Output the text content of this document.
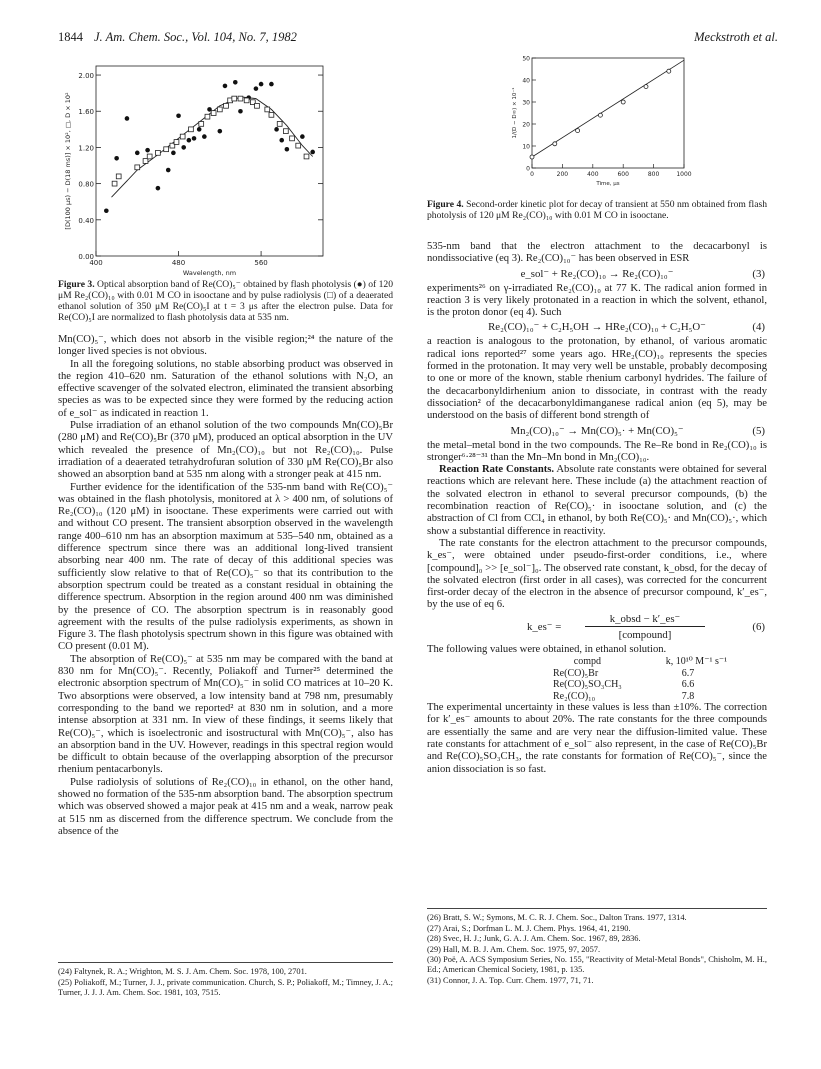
1844 J. Am. Chem. Soc., Vol. 104, No. 7, 1982	Meckstroth et al.
0.00
0.40
0.80
1.20
1.60
2.00
400	480	560
Wavelength, nm
[D(100 μs) − D(18 ms)] × 10², □, D × 10²
Figure 3. Optical absorption band of Re(CO)₅⁻ obtained by flash photolysis (●) of 120 μM Re₂(CO)₁₀ with 0.01 M CO in isooctane and by pulse radiolysis (□) of a deaerated ethanol solution of 350 μM Re(CO)₅I at t = 3 μs after the electron pulse. Data for Re(CO)₅I are normalized to flash photolysis data at 535 nm.

Mn(CO)₅⁻, which does not absorb in the visible region;²⁴ the nature of the longer lived species is not obvious.

In all the foregoing solutions, no stable absorbing product was observed in the region 410–620 nm. Saturation of the ethanol solutions with N₂O, an effective scavenger of the solvated electron, eliminated the transient absorbing species as was to be expected since they were formed by the reducing action of e_sol⁻ as indicated in reaction 1.

Pulse irradiation of an ethanol solution of the two compounds Mn(CO)₅Br (280 μM) and Re(CO)₅Br (370 μM), produced an optical absorption in the UV which revealed the presence of Mn₂(CO)₁₀ but not Re₂(CO)₁₀. Pulse irradiation of a deaerated tetrahydrofuran solution of 330 μM Re(CO)₅Br also showed an absorption band at 535 nm along with a stronger peak at 415 nm.

Further evidence for the identification of the 535-nm band with Re(CO)₅⁻ was obtained in the flash photolysis, monitored at λ > 400 nm, of solutions of Re₂(CO)₁₀ (120 μM) in isooctane. These experiments were carried out with and without CO present. The transient absorption observed in the wavelength range 400–610 nm has an absorption maximum at 535–540 nm, obtained as a difference spectrum since there was an additional long-lived transient absorbing near 400 nm. The rate of decay of this additional species was sufficiently slow relative to that of Re(CO)₅⁻ so that its contribution to the absorption spectrum could be treated as a constant residual in obtaining the difference spectrum. Absorption in the region around 400 nm was diminished by the presence of CO. The absorption spectrum is in reasonably good agreement with the results of the pulse radiolysis experiments, as shown in Figure 3. The flash photolysis spectrum shown in this figure was obtained with CO present (0.01 M).

The absorption of Re(CO)₅⁻ at 535 nm may be compared with the band at 830 nm for Mn(CO)₅⁻. Recently, Poliakoff and Turner²⁵ determined the electronic absorption spectrum of Mn(CO)₅⁻ in solid CO matrices at 10–20 K. Two absorptions were observed, a low intensity band at 798 nm, presumably corresponding to the band we reported² at 830 nm in solution, and a more intense absorption at 331 nm. In view of these findings, it seems likely that Re(CO)₅⁻, which is isoelectronic and isostructural with Mn(CO)₅⁻, also has an absorption band in the UV. However, readings in this spectral region would be difficult to obtain because of the overlapping absorption of the precursor rhenium pentacarbonyls.

Pulse radiolysis of solutions of Re₂(CO)₁₀ in ethanol, on the other hand, showed no formation of the 535-nm absorption band. The absorption spectrum which was observed showed a major peak at 415 nm and a weak, narrow peak at 515 nm as discerned from the difference spectrum. We conclude from the absence of the

(24) Faltynek, R. A.; Wrighton, M. S. J. Am. Chem. Soc. 1978, 100, 2701.
(25) Poliakoff, M.; Turner, J. J., private communication. Church, S. P.; Poliakoff, M.; Timney, J. A.; Turner, J. J. J. Am. Chem. Soc. 1981, 103, 7515.
0
10
20
30
40
50
0	200	400	600	800	1000
Time, μs
1/(D − D∞) × 10⁻¹
Figure 4. Second-order kinetic plot for decay of transient at 550 nm obtained from flash photolysis of 120 μM Re₂(CO)₁₀ with 0.01 M CO in isooctane.

535-nm band that the electron attachment to the decacarbonyl is nondissociative (eq 3). Re₂(CO)₁₀⁻ has been observed in ESR

e_sol⁻ + Re₂(CO)₁₀ → Re₂(CO)₁₀⁻	(3)

experiments²⁶ on γ-irradiated Re₂(CO)₁₀ at 77 K. The radical anion formed in reaction 3 is very likely protonated in a reaction in which the solvent, ethanol, is the proton donor (eq 4). Such

Re₂(CO)₁₀⁻ + C₂H₅OH → HRe₂(CO)₁₀ + C₂H₅O⁻	(4)

a reaction is analogous to the protonation, by ethanol, of various aromatic radical ions reported²⁷ some years ago. HRe₂(CO)₁₀ represents the species formed in the protonation. It may very well be unstable, probably decomposing to one or more of the known, stable rhenium carbonyl hydrides. The failure of the decacarbonyldirhenium anion to dissociate, in contrast with the ready dissociation² of the decacarbonyldimanganese radical anion (eq 5), may be understood on the basis of different bond strength of

Mn₂(CO)₁₀⁻ → Mn(CO)₅· + Mn(CO)₅⁻	(5)

the metal–metal bond in the two compounds. The Re–Re bond in Re₂(CO)₁₀ is stronger⁶·²⁸⁻³¹ than the Mn–Mn bond in Mn₂(CO)₁₀.

Reaction Rate Constants. Absolute rate constants were obtained for several reactions which are relevant here. These include (a) the attachment reaction of the solvated electron in ethanol to several precursor compounds, (b) the recombination reaction of Re(CO)₅· in isooctane solution, and (c) the abstraction of Cl from CCl₄ in ethanol, by both Re(CO)₅· and Mn(CO)₅·, which show a substantial difference in reactivity.

The rate constants for the electron attachment to the precursor compounds, k_es⁻, were obtained under pseudo-first-order conditions, i.e., where [compound]₀ >> [e_sol⁻]₀. The observed rate constant, k_obsd, for the decay of the solvated electron (first order in all cases), was corrected for the concurrent first-order decay of the electron in the absence of precursor compound, k′_es⁻, by the use of eq 6.

k_es⁻ =
k_obsd − k′_es⁻
[compound]
(6)

The following values were obtained, in ethanol solution.

compd	k, 10¹⁰ M⁻¹ s⁻¹
Re(CO)₅Br	6.7
Re(CO)₅SO₃CH₃	6.6
Re₂(CO)₁₀	7.8

The experimental uncertainty in these values is less than ±10%. The correction for k′_es⁻ amounts to about 20%. The rate constants for the three compounds are essentially the same and are very near the diffusion-limited value. These rate constants for attachment of e_sol⁻ also represent, in the case of Re(CO)₅Br and Re(CO)₅SO₃CH₃, the rate constants for formation of Re(CO)₅⁻, since the anion dissociation is so fast.

(26) Bratt, S. W.; Symons, M. C. R. J. Chem. Soc., Dalton Trans. 1977, 1314.
(27) Arai, S.; Dorfman L. M. J. Chem. Phys. 1964, 41, 2190.
(28) Svec, H. J.; Junk, G. A. J. Am. Chem. Soc. 1967, 89, 2836.
(29) Hall, M. B. J. Am. Chem. Soc. 1975, 97, 2057.
(30) Poë, A. ACS Symposium Series, No. 155, "Reactivity of Metal-Metal Bonds", Chisholm, M. H., Ed.; American Chemical Society, 1981, p. 135.
(31) Connor, J. A. Top. Curr. Chem. 1977, 71, 71.
